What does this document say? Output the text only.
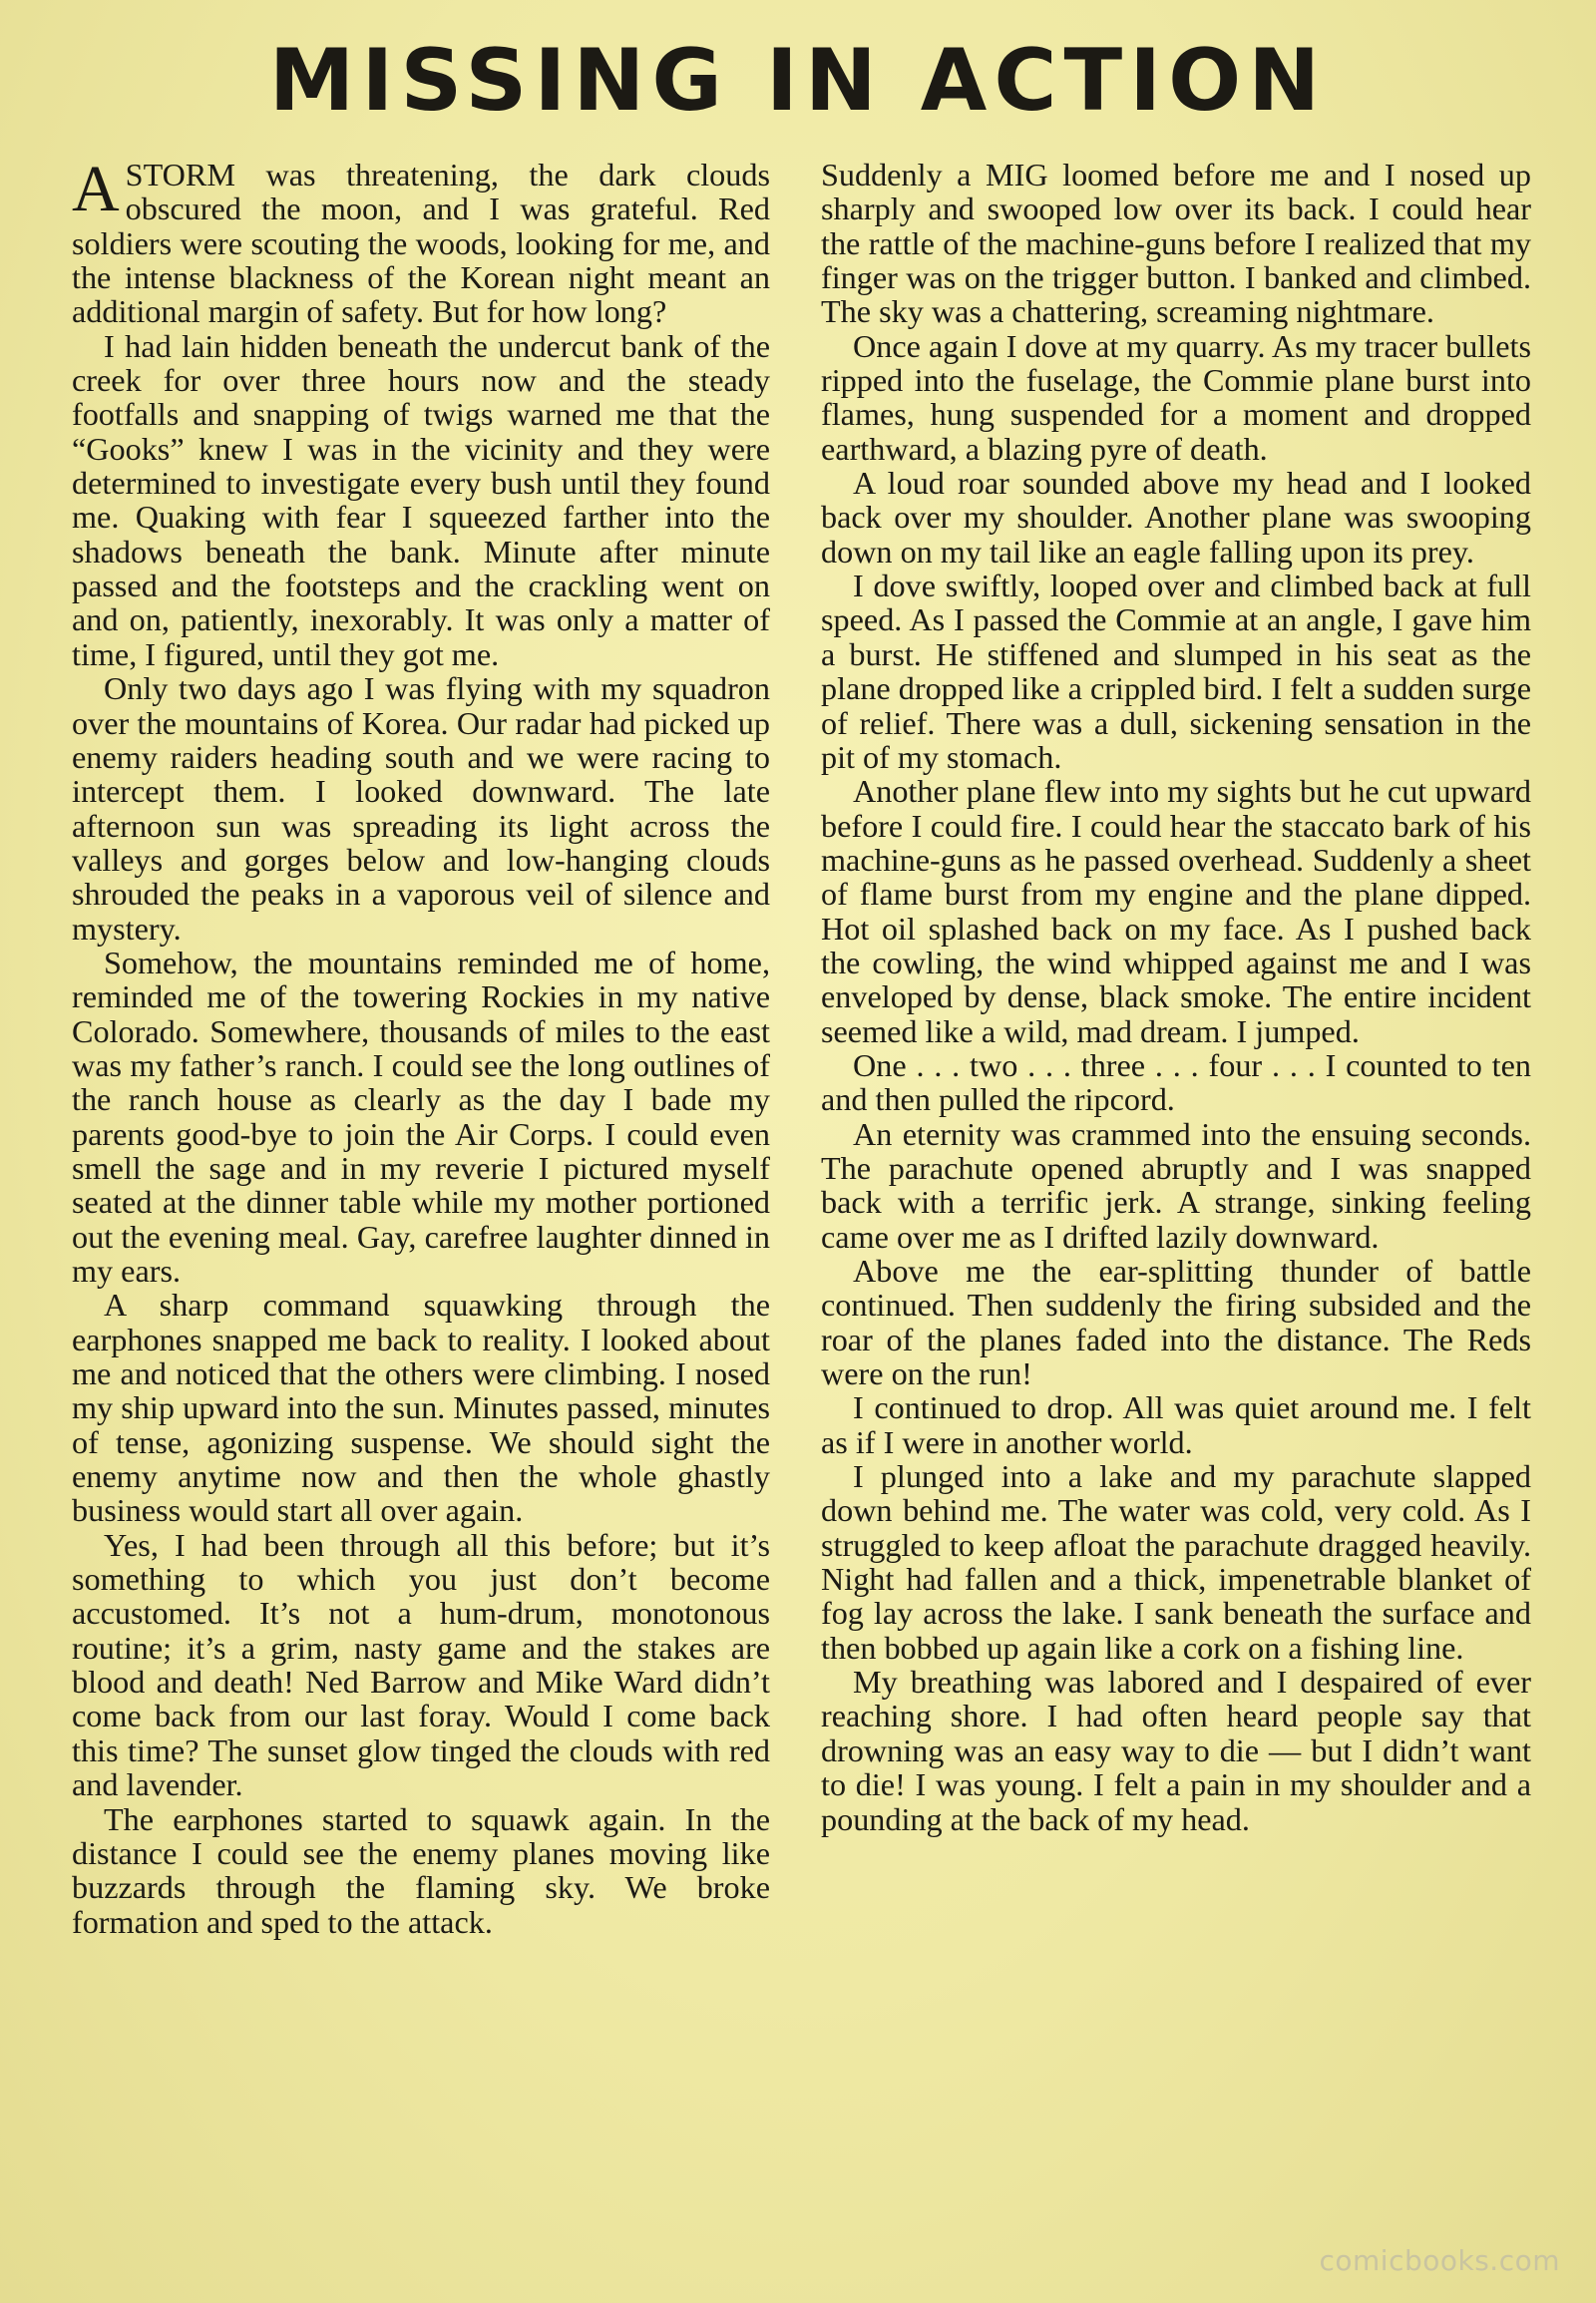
MISSING IN ACTION

ASTORM was threatening, the dark clouds obscured the moon, and I was grateful. Red soldiers were scouting the woods, looking for me, and the intense blackness of the Korean night meant an additional margin of safety. But for how long?

I had lain hidden beneath the undercut bank of the creek for over three hours now and the steady footfalls and snapping of twigs warned me that the “Gooks” knew I was in the vicinity and they were determined to investigate every bush until they found me. Quaking with fear I squeezed farther into the shadows beneath the bank. Minute after minute passed and the footsteps and the crackling went on and on, patiently, inexorably. It was only a matter of time, I figured, until they got me.

Only two days ago I was flying with my squadron over the mountains of Korea. Our radar had picked up enemy raiders heading south and we were racing to intercept them. I looked downward. The late afternoon sun was spreading its light across the valleys and gorges below and low-hanging clouds shrouded the peaks in a vaporous veil of silence and mystery.

Somehow, the mountains reminded me of home, reminded me of the towering Rockies in my native Colorado. Somewhere, thousands of miles to the east was my father’s ranch. I could see the long outlines of the ranch house as clearly as the day I bade my parents good-bye to join the Air Corps. I could even smell the sage and in my reverie I pictured myself seated at the dinner table while my mother portioned out the evening meal. Gay, carefree laughter dinned in my ears.

A sharp command squawking through the earphones snapped me back to reality. I looked about me and noticed that the others were climbing. I nosed my ship upward into the sun. Minutes passed, minutes of tense, agonizing suspense. We should sight the enemy anytime now and then the whole ghastly business would start all over again.

Yes, I had been through all this before; but it’s something to which you just don’t become accustomed. It’s not a hum-drum, monotonous routine; it’s a grim, nasty game and the stakes are blood and death! Ned Barrow and Mike Ward didn’t come back from our last foray. Would I come back this time? The sunset glow tinged the clouds with red and lavender.

The earphones started to squawk again. In the distance I could see the enemy planes moving like buzzards through the flaming sky. We broke formation and sped to the attack.

Suddenly a MIG loomed before me and I nosed up sharply and swooped low over its back. I could hear the rattle of the machine-guns before I realized that my finger was on the trigger button. I banked and climbed. The sky was a chattering, screaming nightmare.

Once again I dove at my quarry. As my tracer bullets ripped into the fuselage, the Commie plane burst into flames, hung suspended for a moment and dropped earthward, a blazing pyre of death.

A loud roar sounded above my head and I looked back over my shoulder. Another plane was swooping down on my tail like an eagle falling upon its prey.

I dove swiftly, looped over and climbed back at full speed. As I passed the Commie at an angle, I gave him a burst. He stiffened and slumped in his seat as the plane dropped like a crippled bird. I felt a sudden surge of relief. There was a dull, sickening sensation in the pit of my stomach.

Another plane flew into my sights but he cut upward before I could fire. I could hear the staccato bark of his machine-guns as he passed overhead. Suddenly a sheet of flame burst from my engine and the plane dipped. Hot oil splashed back on my face. As I pushed back the cowling, the wind whipped against me and I was enveloped by dense, black smoke. The entire incident seemed like a wild, mad dream. I jumped.

One . . . two . . . three . . . four . . . I counted to ten and then pulled the ripcord.

An eternity was crammed into the ensuing seconds. The parachute opened abruptly and I was snapped back with a terrific jerk. A strange, sinking feeling came over me as I drifted lazily downward.

Above me the ear-splitting thunder of battle continued. Then suddenly the firing subsided and the roar of the planes faded into the distance. The Reds were on the run!

I continued to drop. All was quiet around me. I felt as if I were in another world.

I plunged into a lake and my parachute slapped down behind me. The water was cold, very cold. As I struggled to keep afloat the parachute dragged heavily. Night had fallen and a thick, impenetrable blanket of fog lay across the lake. I sank beneath the surface and then bobbed up again like a cork on a fishing line.

My breathing was labored and I despaired of ever reaching shore. I had often heard people say that drowning was an easy way to die — but I didn’t want to die! I was young. I felt a pain in my shoulder and a pounding at the back of my head.

comicbooks.com
